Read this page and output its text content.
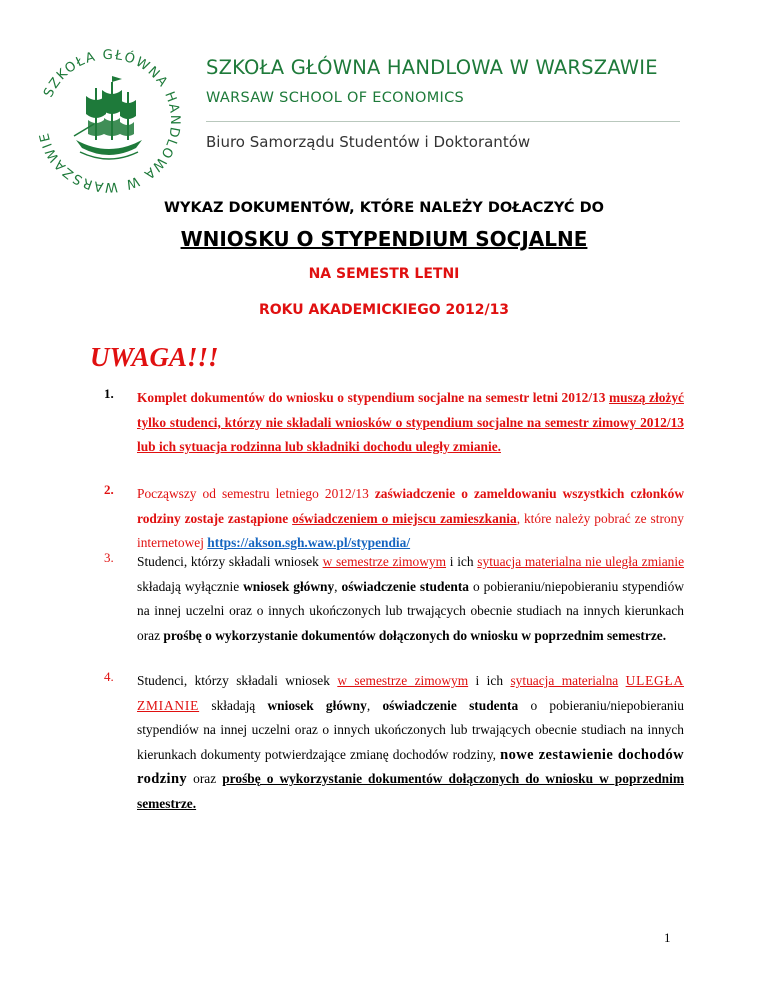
SZKOŁA GŁÓWNA HANDLOWA W WARSZAWIE
SZKOŁA GŁÓWNA HANDLOWA W WARSZAWIE
WARSAW SCHOOL OF ECONOMICS
Biuro Samorządu Studentów i Doktorantów
WYKAZ DOKUMENTÓW, KTÓRE NALEŻY DOŁACZYĆ DO
WNIOSKU O STYPENDIUM SOCJALNE
NA SEMESTR LETNI
ROKU AKADEMICKIEGO 2012/13
UWAGA!!!
1. Komplet dokumentów do wniosku o stypendium socjalne na semestr letni 2012/13 muszą złożyć tylko studenci, którzy nie składali wniosków o stypendium socjalne na semestr zimowy 2012/13 lub ich sytuacja rodzinna lub składniki dochodu uległy zmianie.
2. Począwszy od semestru letniego 2012/13 zaświadczenie o zameldowaniu wszystkich członków rodziny zostaje zastąpione oświadczeniem o miejscu zamieszkania, które należy pobrać ze strony internetowej https://akson.sgh.waw.pl/stypendia/
3. Studenci, którzy składali wniosek w semestrze zimowym i ich sytuacja materialna nie uległa zmianie składają wyłącznie wniosek główny, oświadczenie studenta o pobieraniu/niepobieraniu stypendiów na innej uczelni oraz o innych ukończonych lub trwających obecnie studiach na innych kierunkach oraz prośbę o wykorzystanie dokumentów dołączonych do wniosku w poprzednim semestrze.
4. Studenci, którzy składali wniosek w semestrze zimowym i ich sytuacja materialna ULEGŁA ZMIANIE składają wniosek główny, oświadczenie studenta o pobieraniu/niepobieraniu stypendiów na innej uczelni oraz o innych ukończonych lub trwających obecnie studiach na innych kierunkach dokumenty potwierdzające zmianę dochodów rodziny, nowe zestawienie dochodów rodziny oraz prośbę o wykorzystanie dokumentów dołączonych do wniosku w poprzednim semestrze.
1
